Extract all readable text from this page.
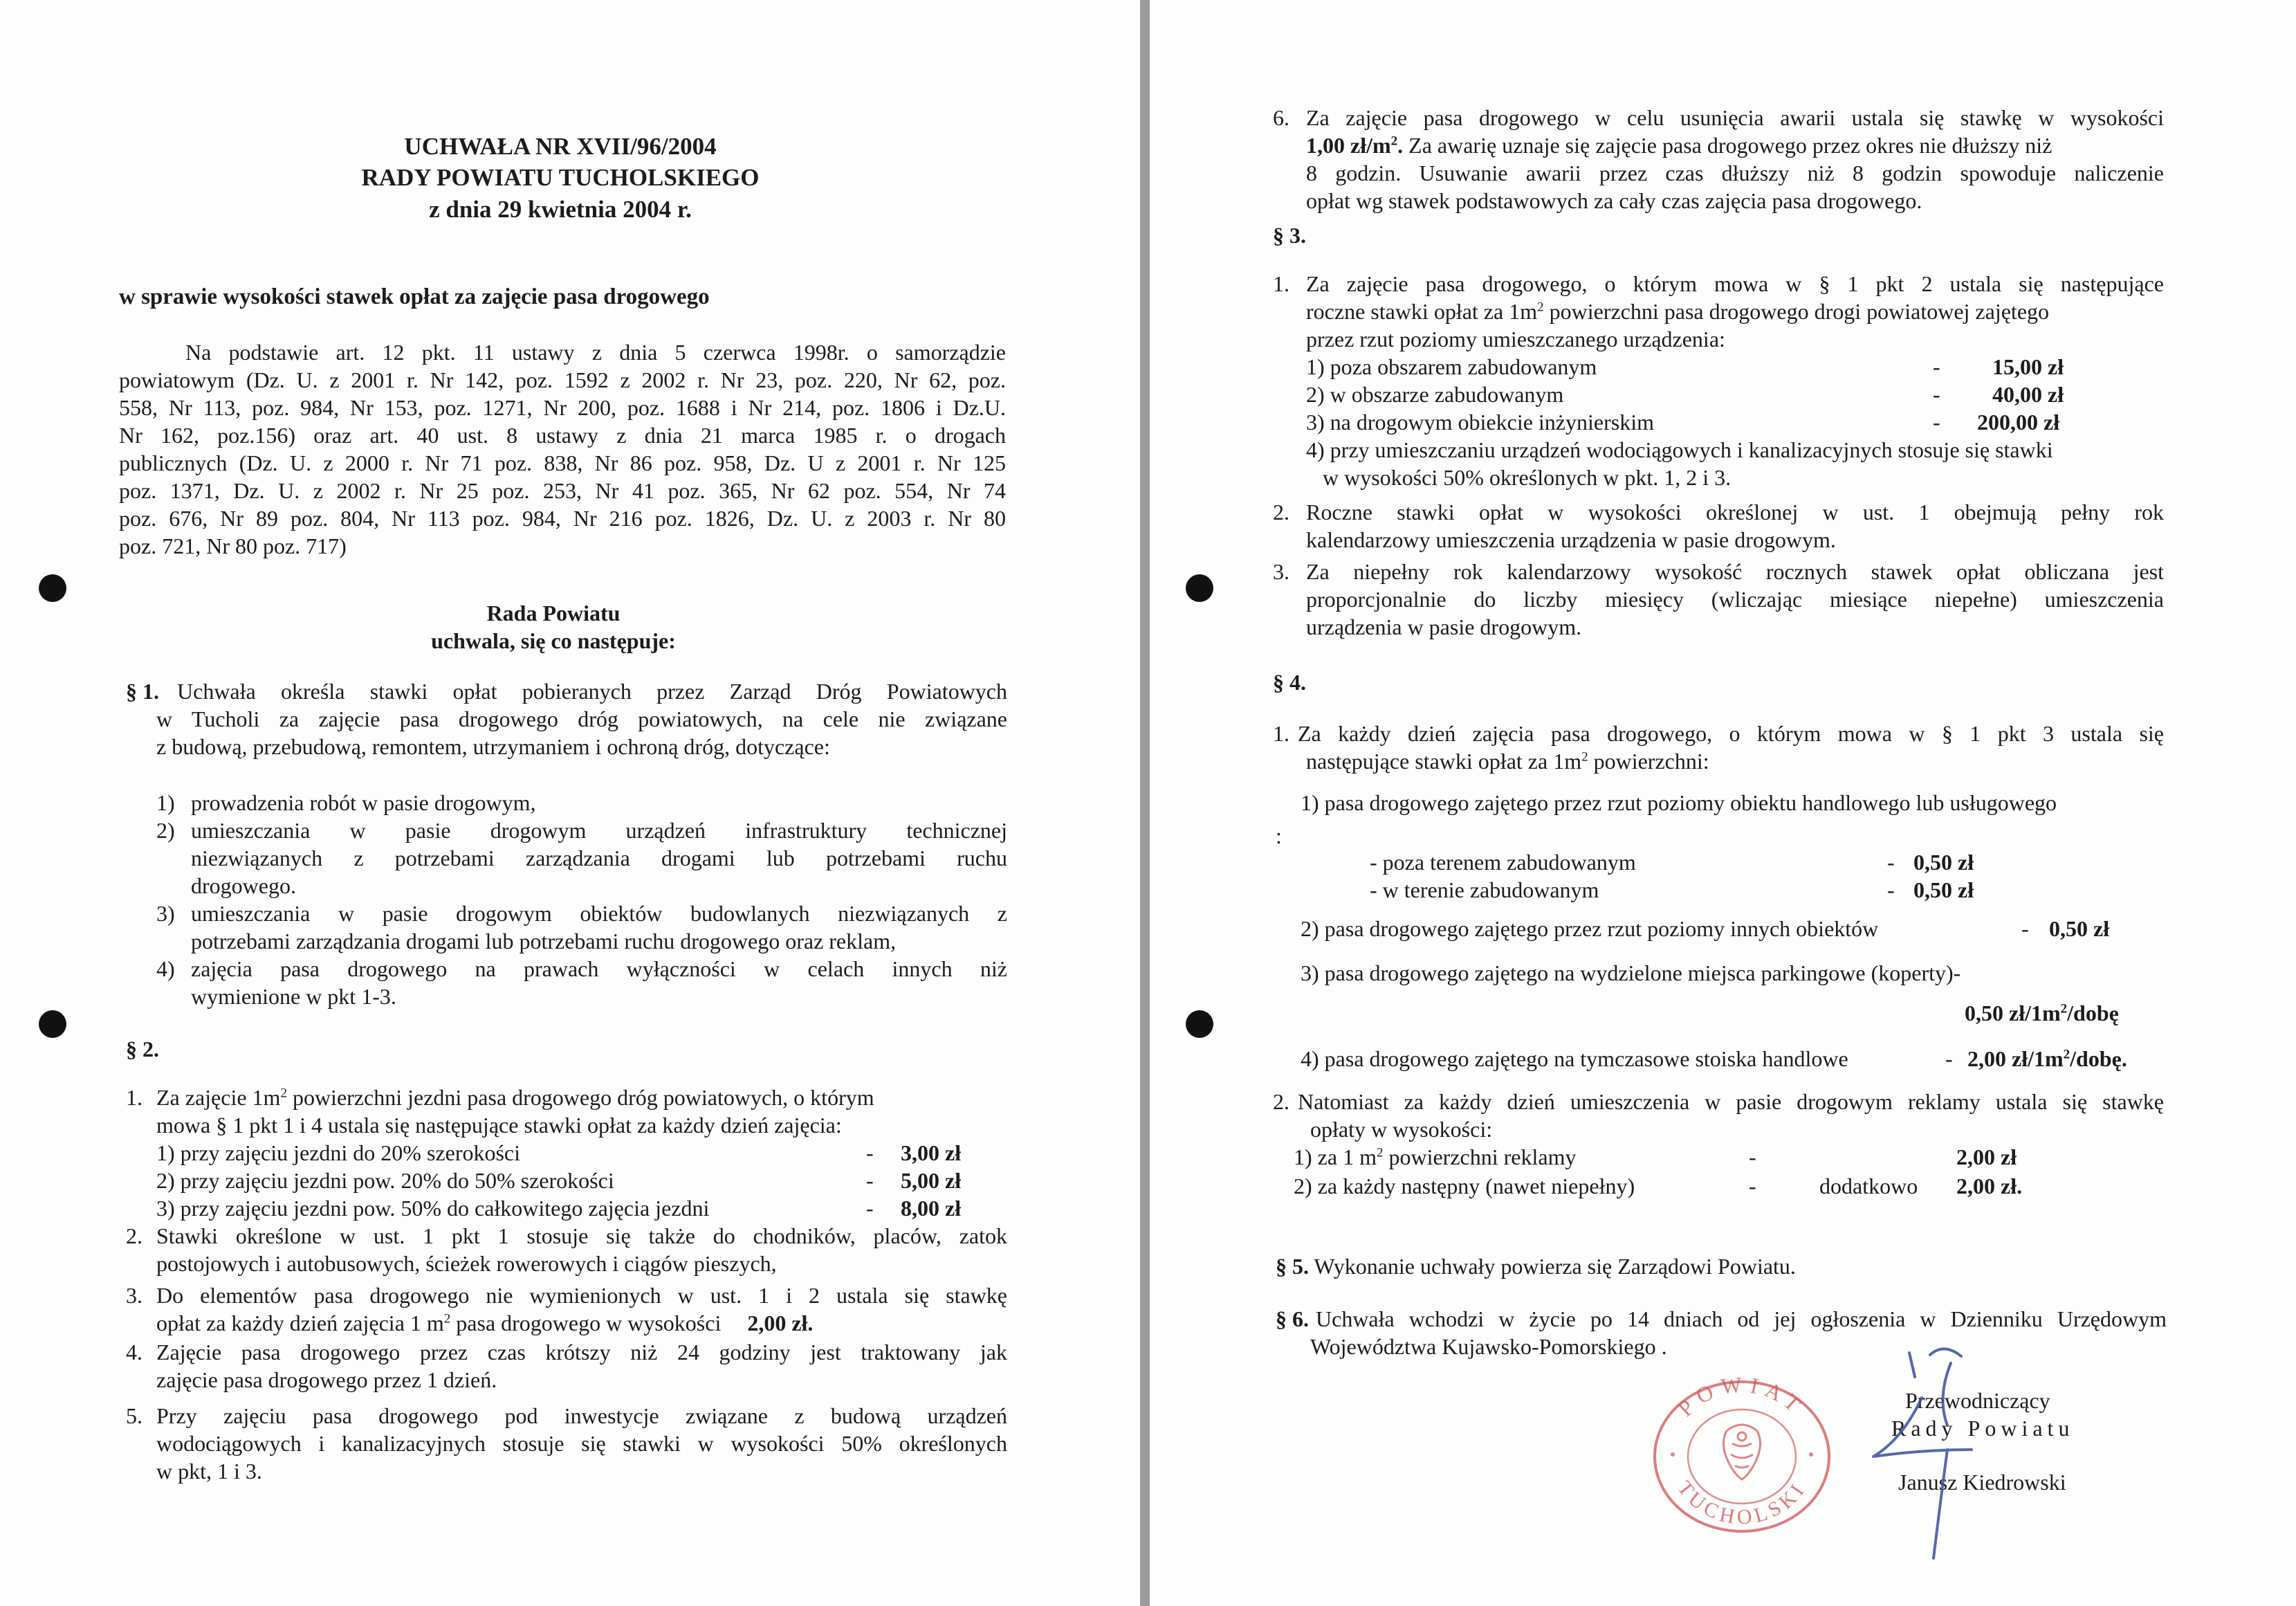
UCHWAŁA NR XVII/96/2004
RADY POWIATU TUCHOLSKIEGO
z dnia 29 kwietnia 2004 r.
w sprawie wysokości stawek opłat za zajęcie pasa drogowego
Na podstawie art. 12 pkt. 11 ustawy z dnia 5 czerwca 1998r. o samorządzie
powiatowym (Dz. U. z 2001 r. Nr 142, poz. 1592 z 2002 r. Nr 23, poz. 220, Nr 62, poz.
558, Nr 113, poz. 984, Nr 153, poz. 1271, Nr 200, poz. 1688 i Nr 214, poz. 1806 i Dz.U.
Nr 162, poz.156) oraz art. 40 ust. 8 ustawy z dnia 21 marca 1985 r. o drogach
publicznych (Dz. U. z 2000 r. Nr 71 poz. 838, Nr 86 poz. 958, Dz. U z 2001 r. Nr 125
poz. 1371, Dz. U. z 2002 r. Nr 25 poz. 253, Nr 41 poz. 365, Nr 62 poz. 554, Nr 74
poz. 676, Nr 89 poz. 804, Nr 113 poz. 984, Nr 216 poz. 1826, Dz. U. z 2003 r. Nr 80
poz. 721, Nr 80 poz. 717)
Rada Powiatu
uchwala, się co następuje:
§ 1. Uchwała określa stawki opłat pobieranych przez Zarząd Dróg Powiatowych
w Tucholi za zajęcie pasa drogowego dróg powiatowych, na cele nie związane
z budową, przebudową, remontem, utrzymaniem i ochroną dróg, dotyczące:
1) prowadzenia robót w pasie drogowym,
2) umieszczania w pasie drogowym urządzeń infrastruktury technicznej
niezwiązanych z potrzebami zarządzania drogami lub potrzebami ruchu
drogowego.
3) umieszczania w pasie drogowym obiektów budowlanych niezwiązanych z
potrzebami zarządzania drogami lub potrzebami ruchu drogowego oraz reklam,
4) zajęcia pasa drogowego na prawach wyłączności w celach innych niż
wymienione w pkt 1-3.
§ 2.
1. Za zajęcie $1m^2$ powierzchni jezdni pasa drogowego dróg powiatowych, o którym
mowa § 1 pkt 1 i 4 ustala się następujące stawki opłat za każdy dzień zajęcia:
1) przy zajęciu jezdni do 20% szerokości	- 3,00 zł
2) przy zajęciu jezdni pow. 20% do 50% szerokości	- 5,00 zł
3) przy zajęciu jezdni pow. 50% do całkowitego zajęcia jezdni	- 8,00 zł
2. Stawki określone w ust. 1 pkt 1 stosuje się także do chodników, placów, zatok
postojowych i autobusowych, ścieżek rowerowych i ciągów pieszych,
3. Do elementów pasa drogowego nie wymienionych w ust. 1 i 2 ustala się stawkę
opłat za każdy dzień zajęcia 1 $m^2$ pasa drogowego w wysokości 2,00 zł.
4. Zajęcie pasa drogowego przez czas krótszy niż 24 godziny jest traktowany jak
zajęcie pasa drogowego przez 1 dzień.
5. Przy zajęciu pasa drogowego pod inwestycje związane z budową urządzeń
wodociągowych i kanalizacyjnych stosuje się stawki w wysokości 50% określonych
w pkt, 1 i 3.
6. Za zajęcie pasa drogowego w celu usunięcia awarii ustala się stawkę w wysokości
1,00 $zł/m^2$. Za awarię uznaje się zajęcie pasa drogowego przez okres nie dłuższy niż
8 godzin. Usuwanie awarii przez czas dłuższy niż 8 godzin spowoduje naliczenie
opłat wg stawek podstawowych za cały czas zajęcia pasa drogowego.
§ 3.
1. Za zajęcie pasa drogowego, o którym mowa w § 1 pkt 2 ustala się następujące
roczne stawki opłat za $1m^2$ powierzchni pasa drogowego drogi powiatowej zajętego
przez rzut poziomy umieszczanego urządzenia:
1) poza obszarem zabudowanym	- 15,00 zł
2) w obszarze zabudowanym	- 40,00 zł
3) na drogowym obiekcie inżynierskim	- 200,00 zł
4) przy umieszczaniu urządzeń wodociągowych i kanalizacyjnych stosuje się stawki
w wysokości 50% określonych w pkt. 1, 2 i 3.
2. Roczne stawki opłat w wysokości określonej w ust. 1 obejmują pełny rok
kalendarzowy umieszczenia urządzenia w pasie drogowym.
3. Za niepełny rok kalendarzowy wysokość rocznych stawek opłat obliczana jest
proporcjonalnie do liczby miesięcy (wliczając miesiące niepełne) umieszczenia
urządzenia w pasie drogowym.
§ 4.
1. Za każdy dzień zajęcia pasa drogowego, o którym mowa w § 1 pkt 3 ustala się
następujące stawki opłat za $1m^2$ powierzchni:
1) pasa drogowego zajętego przez rzut poziomy obiektu handlowego lub usługowego
:
- poza terenem zabudowanym	- 0,50 zł
- w terenie zabudowanym	- 0,50 zł
2) pasa drogowego zajętego przez rzut poziomy innych obiektów	- 0,50 zł
3) pasa drogowego zajętego na wydzielone miejsca parkingowe (koperty)-
0,50 $zł/1m^2$/dobę
4) pasa drogowego zajętego na tymczasowe stoiska handlowe	- 2,00 $zł/1m^2$/dobę.
2. Natomiast za każdy dzień umieszczenia w pasie drogowym reklamy ustala się stawkę
opłaty w wysokości:
1) za 1 $m^2$ powierzchni reklamy	-	2,00 zł
2) za każdy następny (nawet niepełny)	-	dodatkowo 2,00 zł.
§ 5. Wykonanie uchwały powierza się Zarządowi Powiatu.
§ 6. Uchwała wchodzi w życie po 14 dniach od jej ogłoszenia w Dzienniku Urzędowym
Województwa Kujawsko-Pomorskiego .
Przewodniczący
Rady Powiatu
Janusz Kiedrowski
POWIAT
TUCHOLSKI
